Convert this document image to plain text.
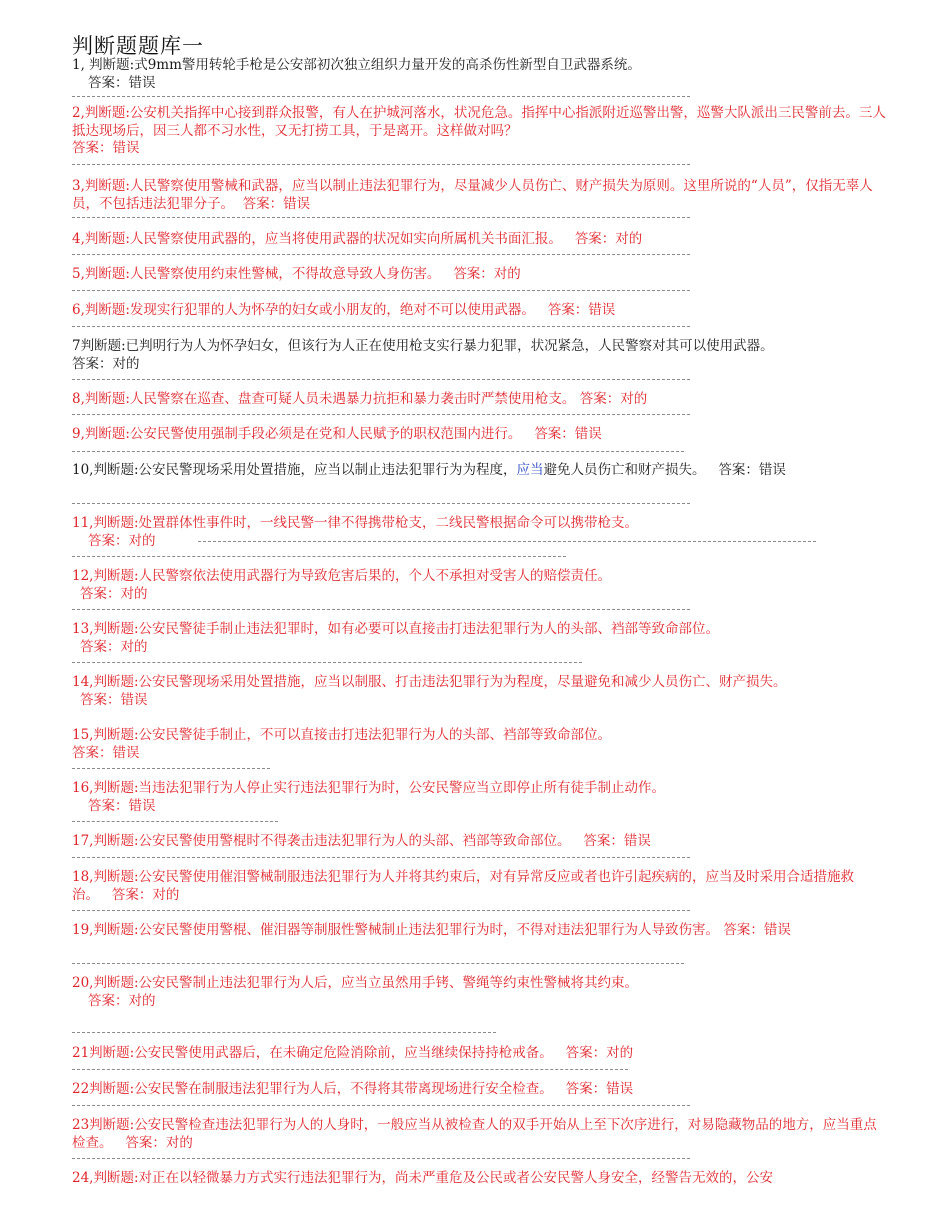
判断题题库一
1, 判断题:式9mm警用转轮手枪是公安部初次独立组织力量开发的高杀伤性新型自卫武器系统。
答案：错误
2,判断题:公安机关指挥中心接到群众报警，有人在护城河落水，状况危急。指挥中心指派附近巡警出警，巡警大队派出三民警前去。三人抵达现场后，因三人都不习水性，又无打捞工具，于是离开。这样做对吗？
答案：错误
3,判断题:人民警察使用警械和武器，应当以制止违法犯罪行为，尽量减少人员伤亡、财产损失为原则。这里所说的“人员”，仅指无辜人员，不包括违法犯罪分子。 答案：错误
4,判断题:人民警察使用武器的，应当将使用武器的状况如实向所属机关书面汇报。 答案：对的
5,判断题:人民警察使用约束性警械，不得故意导致人身伤害。 答案：对的
6,判断题:发现实行犯罪的人为怀孕的妇女或小朋友的，绝对不可以使用武器。 答案：错误
7判断题:已判明行为人为怀孕妇女，但该行为人正在使用枪支实行暴力犯罪，状况紧急，人民警察对其可以使用武器。
答案：对的
8,判断题:人民警察在巡查、盘查可疑人员未遇暴力抗拒和暴力袭击时严禁使用枪支。 答案：对的
9,判断题:公安民警使用强制手段必须是在党和人民赋予的职权范围内进行。 答案：错误
10,判断题:公安民警现场采用处置措施，应当以制止违法犯罪行为为程度，应当避免人员伤亡和财产损失。 答案：错误
11,判断题:处置群体性事件时，一线民警一律不得携带枪支，二线民警根据命令可以携带枪支。
答案：对的
12,判断题:人民警察依法使用武器行为导致危害后果的，个人不承担对受害人的赔偿责任。
答案：对的
13,判断题:公安民警徒手制止违法犯罪时，如有必要可以直接击打违法犯罪行为人的头部、裆部等致命部位。
答案：对的
14,判断题:公安民警现场采用处置措施，应当以制服、打击违法犯罪行为为程度，尽量避免和减少人员伤亡、财产损失。
答案：错误
15,判断题:公安民警徒手制止，不可以直接击打违法犯罪行为人的头部、裆部等致命部位。
答案：错误
16,判断题:当违法犯罪行为人停止实行违法犯罪行为时，公安民警应当立即停止所有徒手制止动作。
答案：错误
17,判断题:公安民警使用警棍时不得袭击违法犯罪行为人的头部、裆部等致命部位。 答案：错误
18,判断题:公安民警使用催泪警械制服违法犯罪行为人并将其约束后，对有异常反应或者也许引起疾病的，应当及时采用合适措施救治。 答案：对的
19,判断题:公安民警使用警棍、催泪器等制服性警械制止违法犯罪行为时，不得对违法犯罪行为人导致伤害。 答案：错误
20,判断题:公安民警制止违法犯罪行为人后，应当立虽然用手铐、警绳等约束性警械将其约束。
答案：对的
21判断题:公安民警使用武器后，在未确定危险消除前，应当继续保持持枪戒备。 答案：对的
22判断题:公安民警在制服违法犯罪行为人后，不得将其带离现场进行安全检查。 答案：错误
23判断题:公安民警检查违法犯罪行为人的人身时，一般应当从被检查人的双手开始从上至下次序进行，对易隐藏物品的地方，应当重点检查。 答案：对的
24,判断题:对正在以轻微暴力方式实行违法犯罪行为，尚未严重危及公民或者公安民警人身安全，经警告无效的，公安
